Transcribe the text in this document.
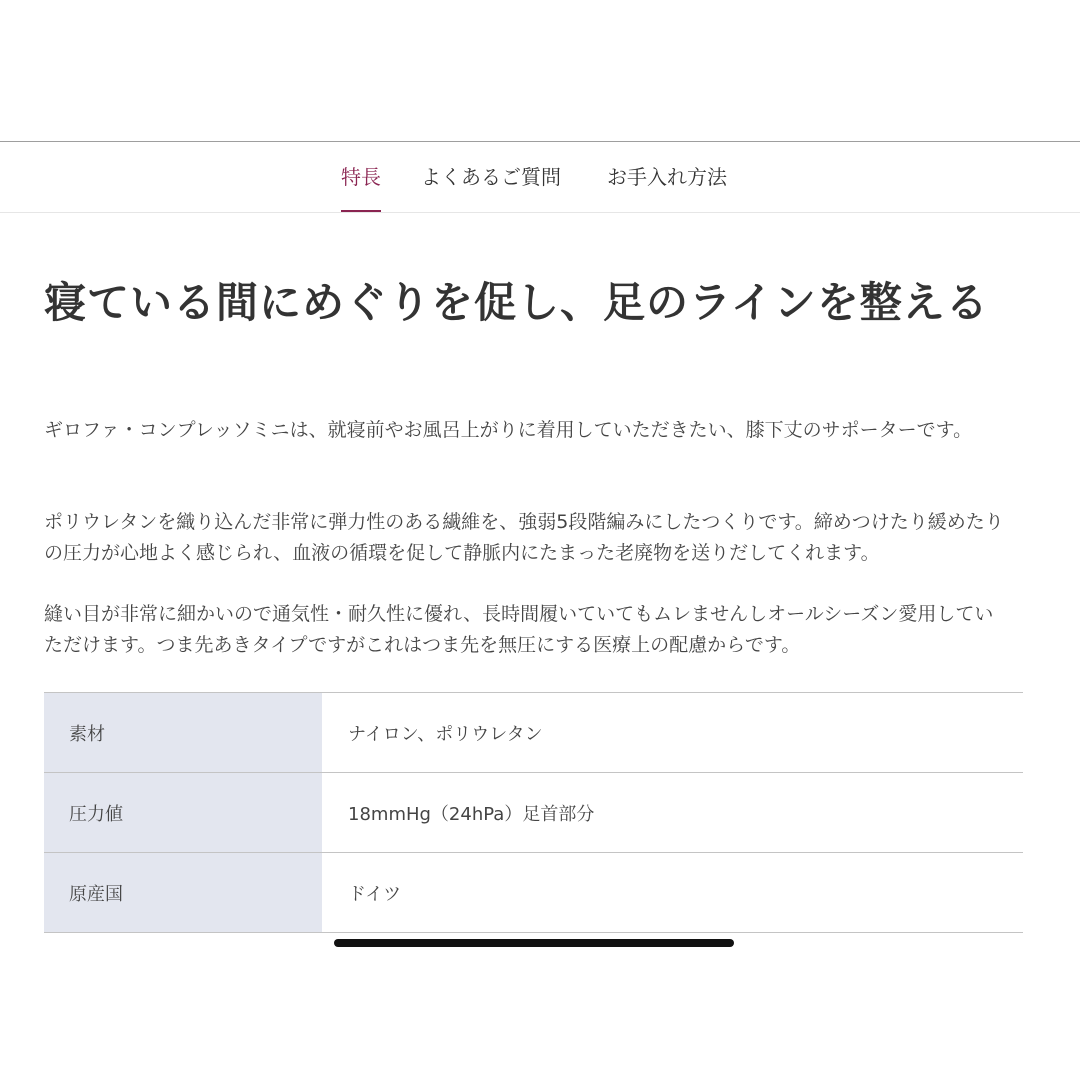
特長 よくあるご質問 お手入れ方法
寝ている間にめぐりを促し、足のラインを整える

ギロファ・コンプレッソミニは、就寝前やお風呂上がりに着用していただきたい、膝下丈のサポーターです。

ポリウレタンを織り込んだ非常に弾力性のある繊維を、強弱5段階編みにしたつくりです。締めつけたり緩めたりの圧力が心地よく感じられ、血液の循環を促して静脈内にたまった老廃物を送りだしてくれます。

縫い目が非常に細かいので通気性・耐久性に優れ、長時間履いていてもムレませんしオールシーズン愛用していただけます。つま先あきタイプですがこれはつま先を無圧にする医療上の配慮からです。

素材	ナイロン、ポリウレタン
圧力値	18mmHg（24hPa）足首部分
原産国	ドイツ
